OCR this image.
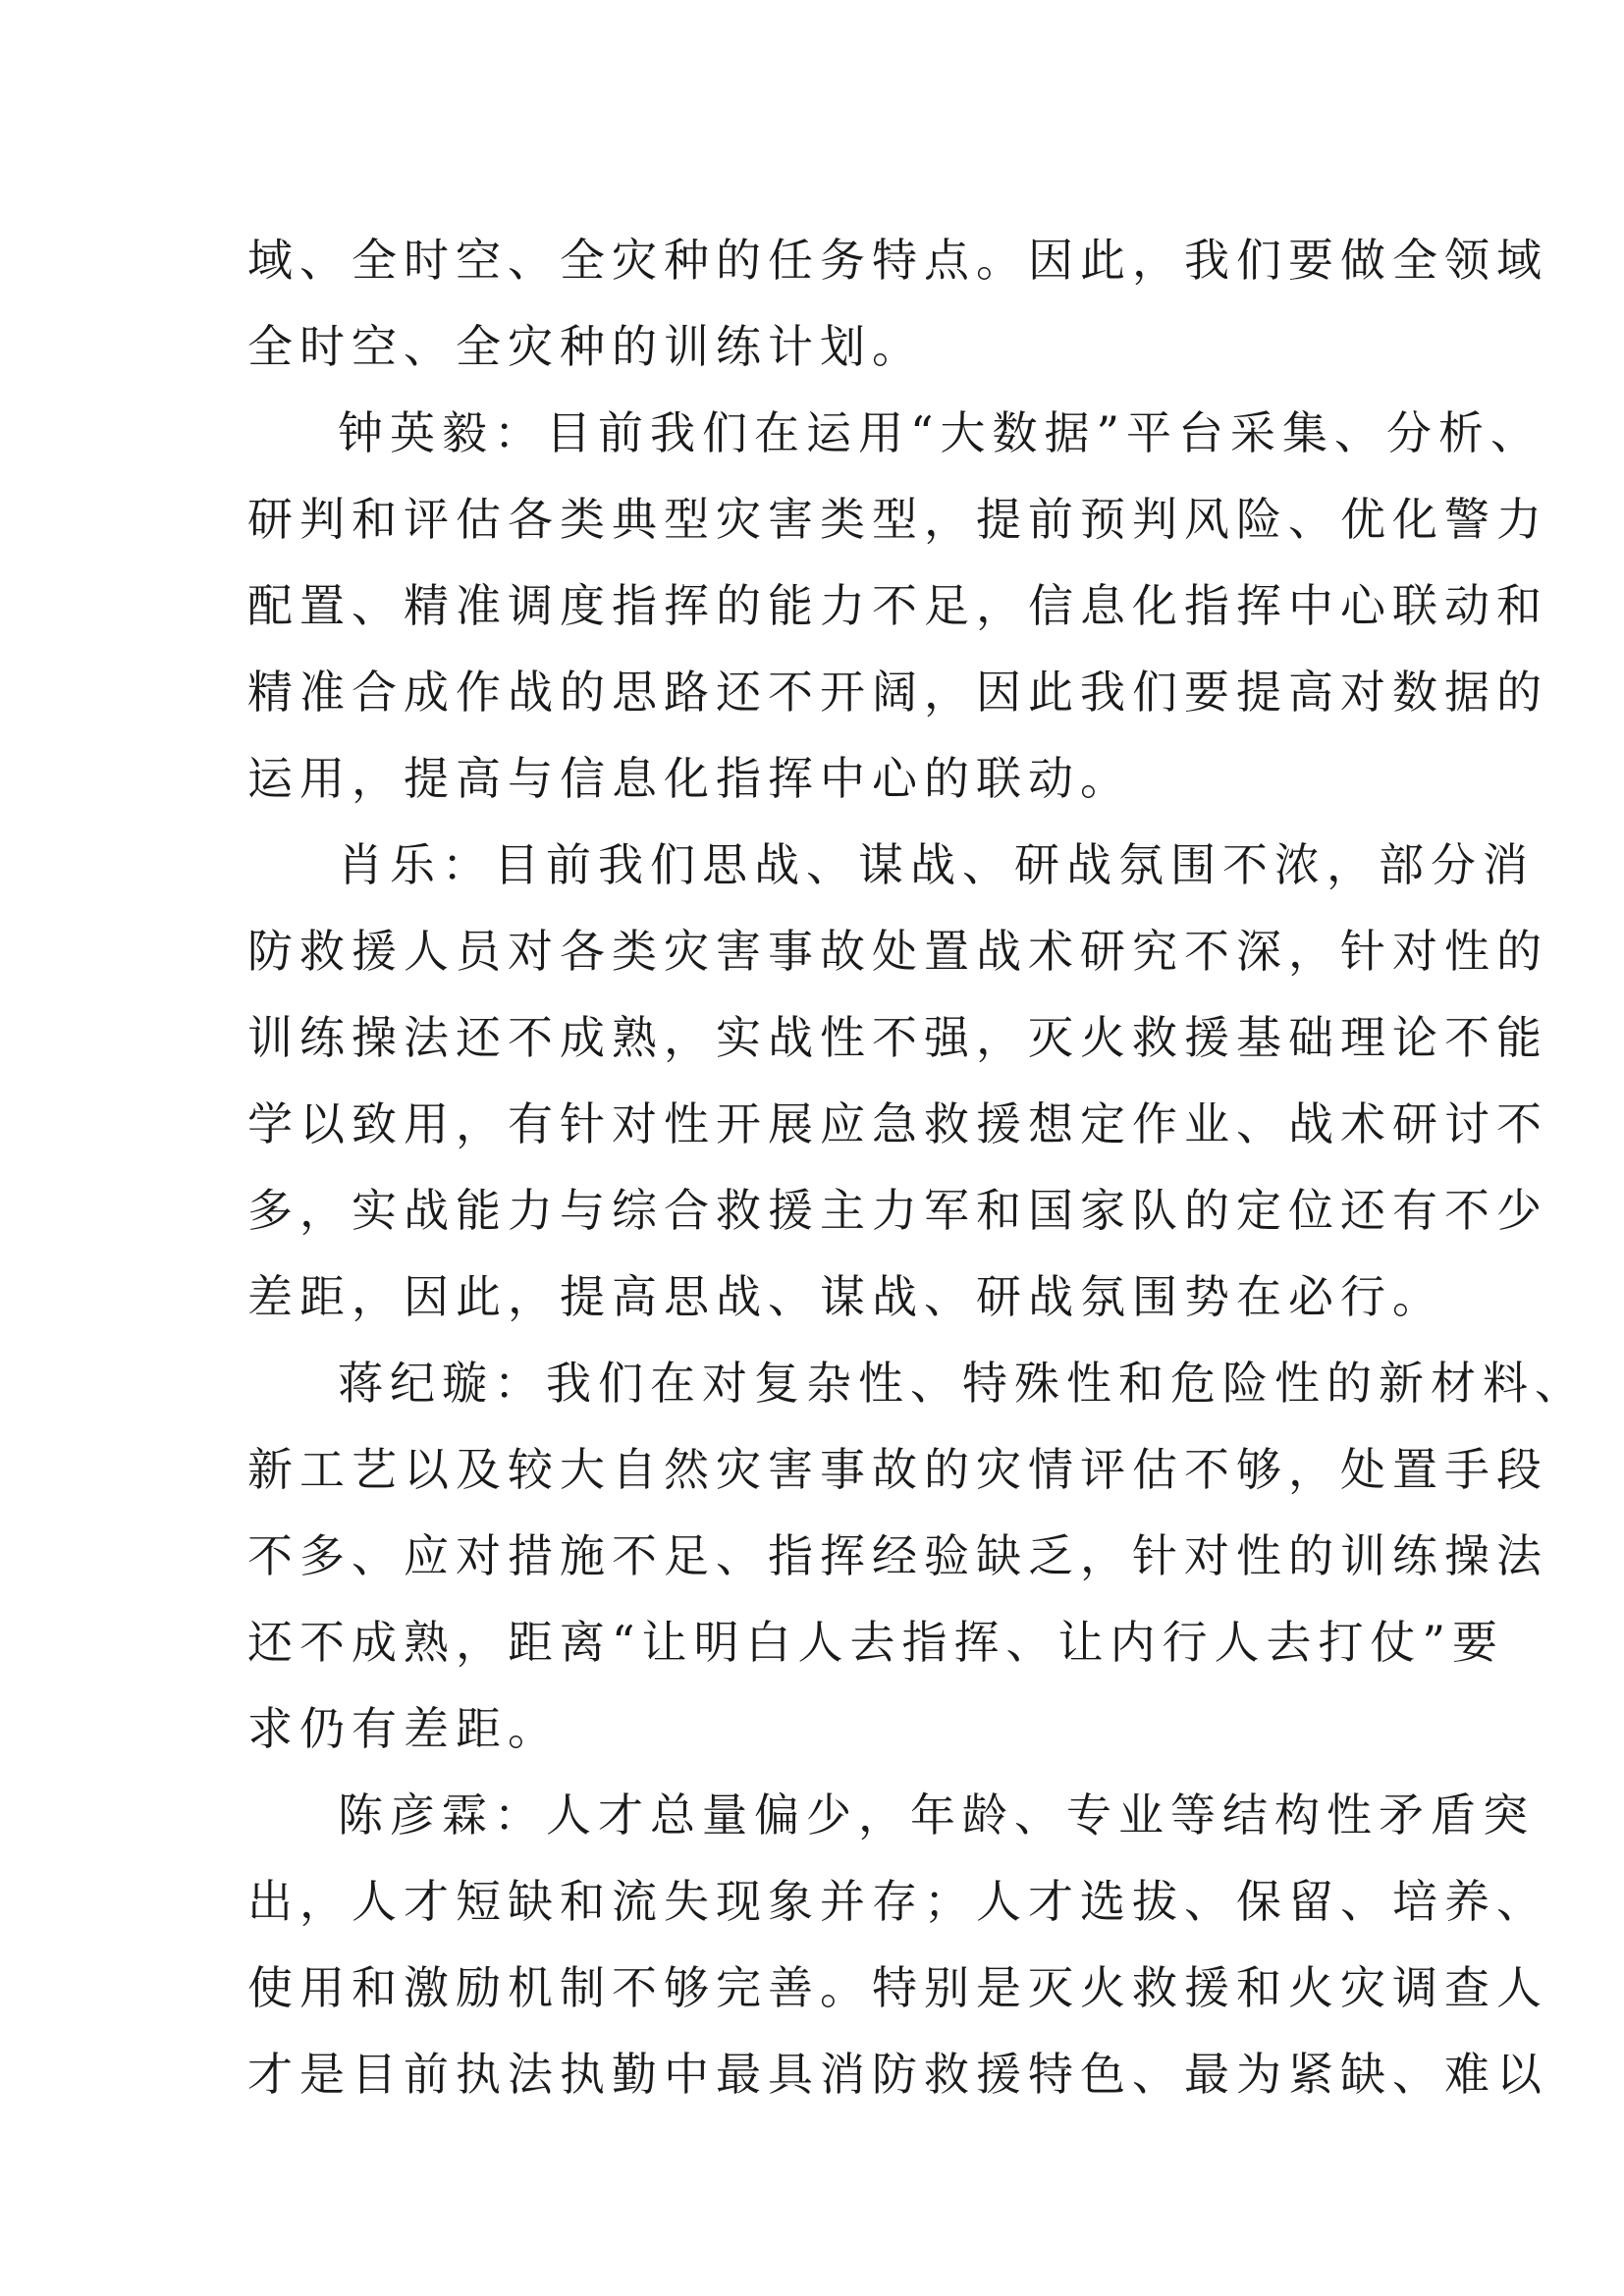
域、全时空、全灾种的任务特点。因此，我们要做全领域
全时空、全灾种的训练计划。
钟英毅：目前我们在运用“大数据”平台采集、分析、
研判和评估各类典型灾害类型，提前预判风险、优化警力
配置、精准调度指挥的能力不足，信息化指挥中心联动和
精准合成作战的思路还不开阔，因此我们要提高对数据的
运用，提高与信息化指挥中心的联动。
肖乐：目前我们思战、谋战、研战氛围不浓，部分消
防救援人员对各类灾害事故处置战术研究不深，针对性的
训练操法还不成熟，实战性不强，灭火救援基础理论不能
学以致用，有针对性开展应急救援想定作业、战术研讨不
多，实战能力与综合救援主力军和国家队的定位还有不少
差距，因此，提高思战、谋战、研战氛围势在必行。
蒋纪璇：我们在对复杂性、特殊性和危险性的新材料、
新工艺以及较大自然灾害事故的灾情评估不够，处置手段
不多、应对措施不足、指挥经验缺乏，针对性的训练操法
还不成熟，距离“让明白人去指挥、让内行人去打仗”要
求仍有差距。
陈彦霖：人才总量偏少，年龄、专业等结构性矛盾突
出，人才短缺和流失现象并存；人才选拔、保留、培养、
使用和激励机制不够完善。特别是灭火救援和火灾调查人
才是目前执法执勤中最具消防救援特色、最为紧缺、难以
